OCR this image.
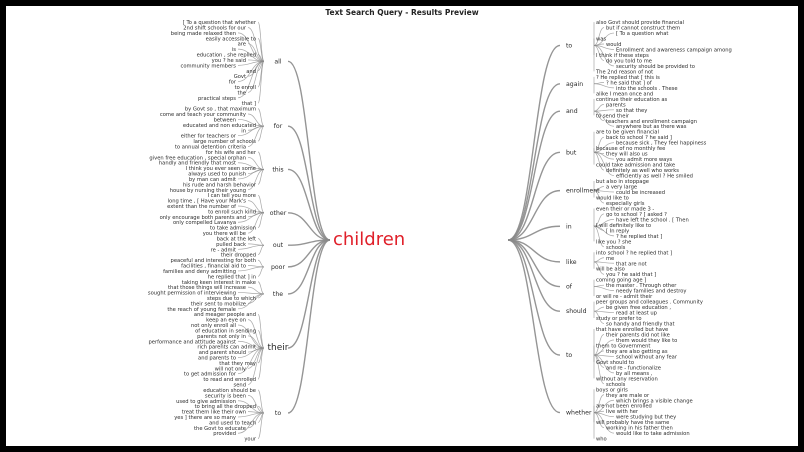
Text Search Query - Results Preview
all
[ To a question that whether
2nd shift schools for our
being made relaxed then
easily accessible to
are
is
education , she replied
you ? he said
community members
and
Govt
for
to enroll
the
practical steps
that ]
for
by Govt so , that maximum
come and teach your community
between
educated and non educated
in
either for teachers or
large number of schools
to annual detention criteria
this
for his wife and her
given free education , special orphan
handly and friendly that most
I think you ever seen some
always used to punish
by man can admit
his rude and harsh behavior
house by nursing their young
other
I can tell you more
long time , [ Have your Mark's
extent than the number of
to enroll such kind
only encourage both parents and
only compelled Lavanya
to take admission
you there will be
out
back at the left
pulled back
re - admit
their dropped
poor
peaceful and interesting for both
facilities , financial aid to
families and deny admitting
he replied that ] in
the
taking keen interest in make
that those things will increase
sought permission of interviewing
steps due to which
their sent to mobilize
the reach of young female
their
and meager people and
keep an eye on
not only enroll all
of education in sending
parents not only in
performance and attitude against
rich parents can admit
and parent should
and parents to
that they may
will not only
to get admission for
to read and enrolled
send
to
education should be
security is been
used to give admission
to bring all the dropped
treat them like their own
yes ] there are so many
and used to teach
the Govt to educate
provided
your
to
also Govt should provide financial
but if cannot construct them
[ To a question what
was
would
Enrollment and awareness campaign among
I think if these steps
do you told to me
security should be provided to
The 2nd reason of not
again
? He replied that [ this is
? he said that ] of
into the schools . These
alike I mean once and
and
continue their education as
parents
so that they
to send their
teachers and enrollment campaign
anywhere but as there was
but
are to be given financial
back to school ? he said ]
because sick , They feel happiness
because of no monthly fee
they will also us
you admit more ways
could take admission and take
definitely as well who works
efficiently as well ? He smiled
enrollment
but also in stoppage
a very large
could be increased
would like to
especially girls
in
even their or made 3 -
go to school ? [ asked ?
have left the school . [ Then
I will definitely like to
[ In reply
? he replied that ]
like you ? she
schools
like
into school ? he replied that ]
me
that are not
will be also
you ? he said that ]
of
coming going age ]
the master . Through other
needy families and destroy
or will re - admit their
should
peer groups and colleagues . Community
be given free education ,
read at least up
study or prefer to
so handy and friendly that
to
that have enrolled but have
their parents did not like
them would they like to
them to Government
they are also getting as
school without any fear
Govt should to
and re - functionalize
by all means ,
without any reservation
schools
whether
boys or girls
they are male or
which brings a visible change
are not been enrolled
live with her
were studying but they
will probably have the same
working in his father then
would like to take admission
who
children
